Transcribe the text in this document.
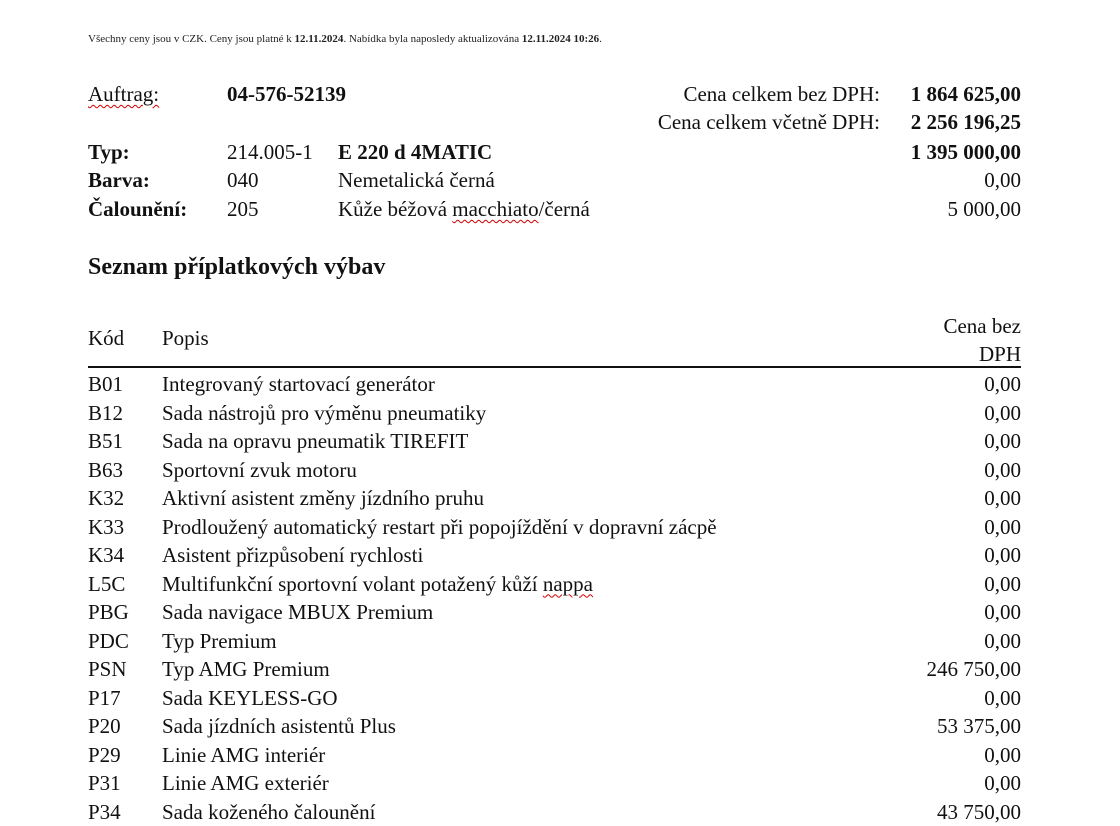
Všechny ceny jsou v CZK. Ceny jsou platné k 12.11.2024. Nabídka byla naposledy aktualizována 12.11.2024 10:26.
Auftrag:	04-576-52139	Cena celkem bez DPH: 1 864 625,00
Cena celkem včetně DPH: 2 256 196,25
Typ:	214.005-1 E 220 d 4MATIC	1 395 000,00
Barva:	040	Nemetalická černá	0,00
Čalounění: 205	Kůže béžová macchiato/černá	5 000,00
Seznam příplatkových výbav
Kód Popis	Cena bez
DPH
B01 Integrovaný startovací generátor	0,00
B12 Sada nástrojů pro výměnu pneumatiky	0,00
B51 Sada na opravu pneumatik TIREFIT	0,00
B63 Sportovní zvuk motoru	0,00
K32 Aktivní asistent změny jízdního pruhu	0,00
K33 Prodloužený automatický restart při popojíždění v dopravní zácpě	0,00
K34 Asistent přizpůsobení rychlosti	0,00
L5C Multifunkční sportovní volant potažený kůží nappa	0,00
PBG Sada navigace MBUX Premium	0,00
PDC Typ Premium	0,00
PSN Typ AMG Premium	246 750,00
P17 Sada KEYLESS-GO	0,00
P20 Sada jízdních asistentů Plus	53 375,00
P29 Linie AMG interiér	0,00
P31 Linie AMG exteriér	0,00
P34 Sada koženého čalounění	43 750,00
